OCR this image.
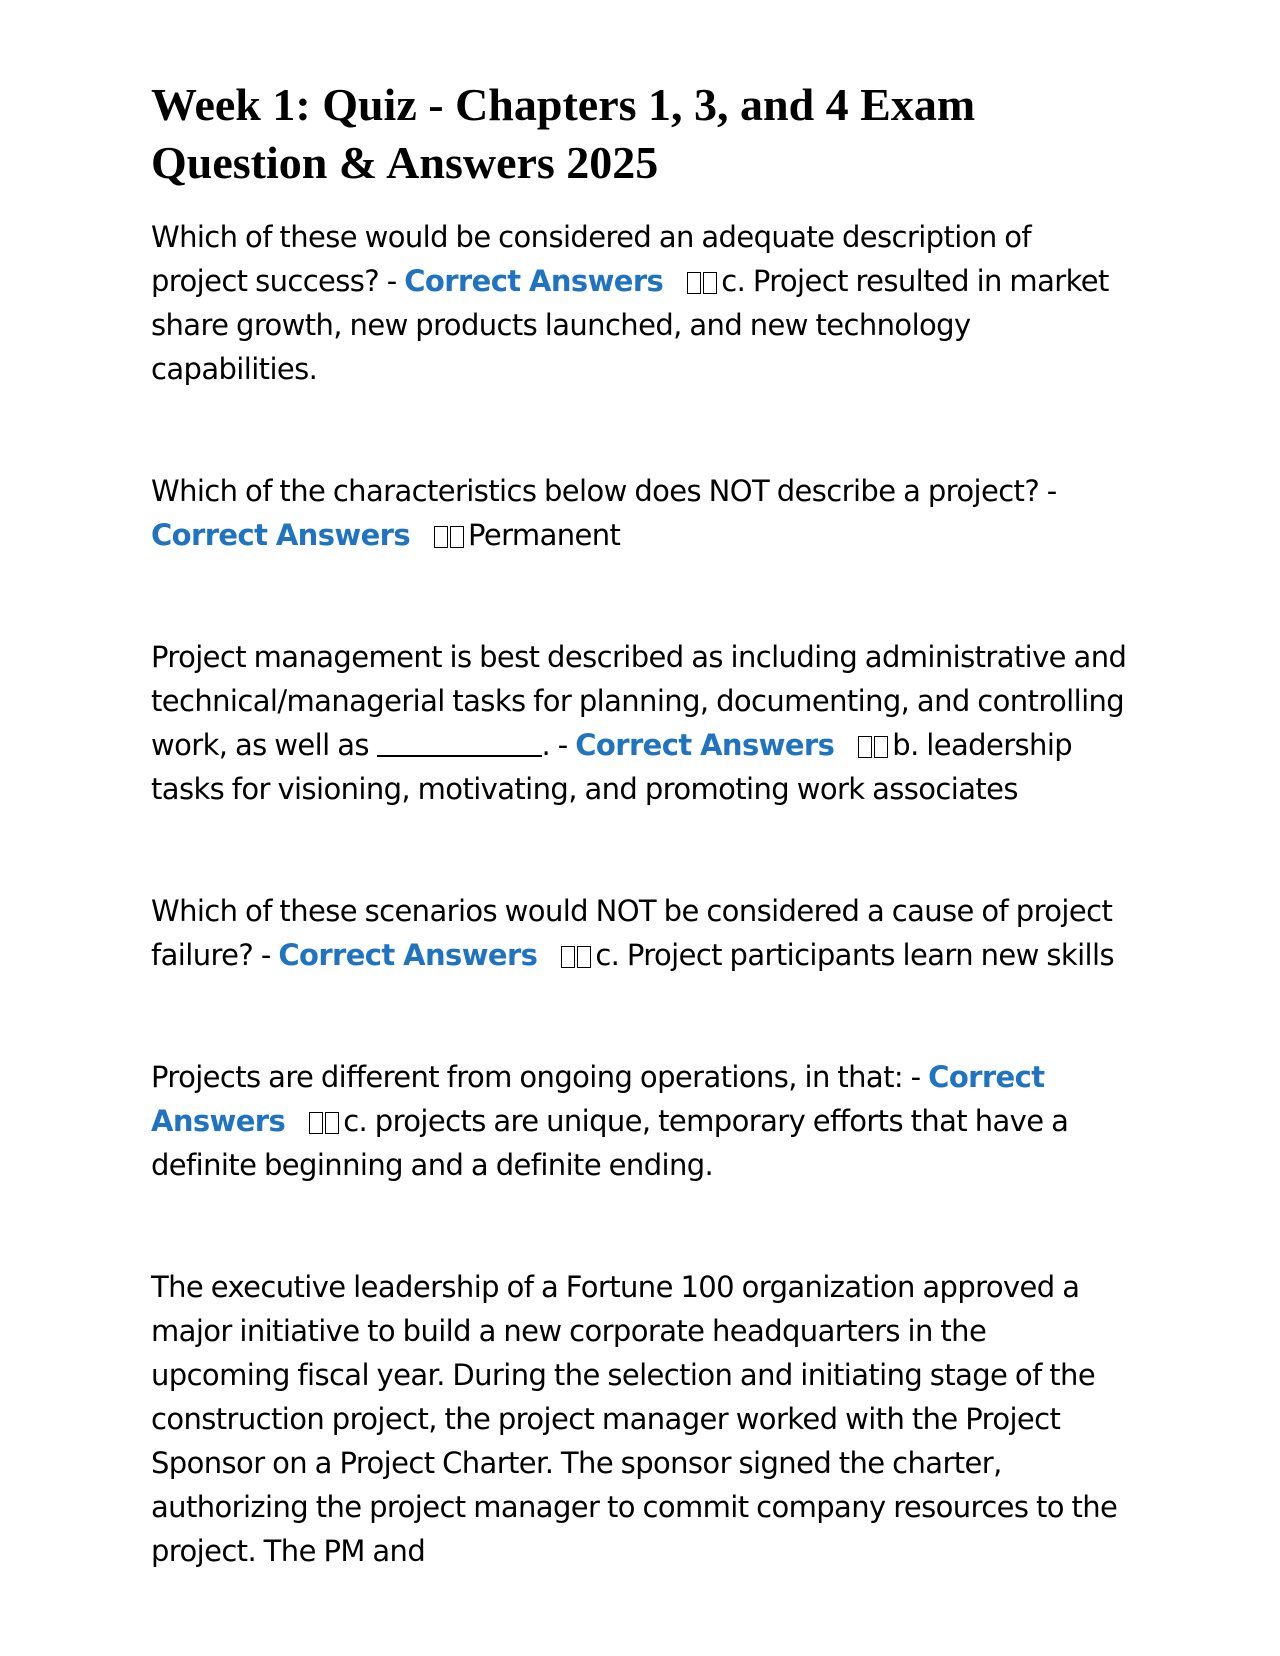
Week 1: Quiz - Chapters 1, 3, and 4 Exam Question & Answers 2025

Which of these would be considered an adequate description of project success? - Correct Answers c. Project resulted in market share growth, new products launched, and new technology capabilities.

Which of the characteristics below does NOT describe a project? - Correct Answers Permanent

Project management is best described as including administrative and technical/managerial tasks for planning, documenting, and controlling work, as well as	. - Correct Answers b. leadership tasks for visioning, motivating, and promoting work associates

Which of these scenarios would NOT be considered a cause of project failure? - Correct Answers c. Project participants learn new skills

Projects are different from ongoing operations, in that: - Correct Answers c. projects are unique, temporary efforts that have a definite beginning and a definite ending.

The executive leadership of a Fortune 100 organization approved a major initiative to build a new corporate headquarters in the upcoming fiscal year. During the selection and initiating stage of the construction project, the project manager worked with the Project Sponsor on a Project Charter. The sponsor signed the charter, authorizing the project manager to commit company resources to the project. The PM and
